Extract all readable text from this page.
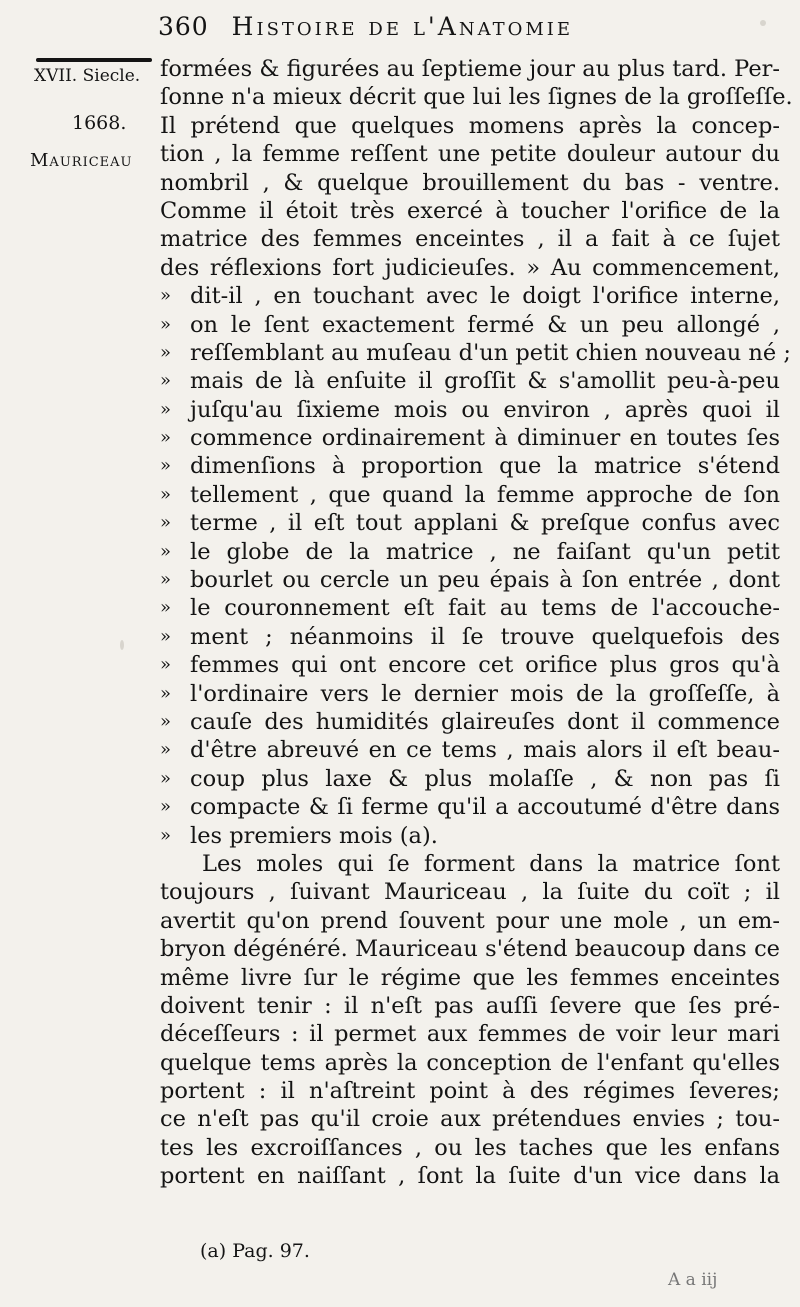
360 Histoire de l'Anatomie
XVII. Siecle.
1668.
Mauriceau
formées & figurées au ſeptieme jour au plus tard. Per-
ſonne n'a mieux décrit que lui les ſignes de la groſſeſſe.
Il prétend que quelques momens après la concep-
tion , la femme reſſent une petite douleur autour du
nombril , & quelque brouillement du bas - ventre.
Comme il étoit très exercé à toucher l'orifice de la
matrice des femmes enceintes , il a fait à ce ſujet
des réflexions fort judicieuſes. » Au commencement,
» dit-il , en touchant avec le doigt l'orifice interne,
» on le ſent exactement fermé & un peu allongé ,
» reſſemblant au muſeau d'un petit chien nouveau né ;
» mais de là enſuite il groſſit & s'amollit peu-à-peu
» juſqu'au ſixieme mois ou environ , après quoi il
» commence ordinairement à diminuer en toutes ſes
» dimenſions à proportion que la matrice s'étend
» tellement , que quand la femme approche de ſon
» terme , il eſt tout applani & preſque confus avec
» le globe de la matrice , ne faiſant qu'un petit
» bourlet ou cercle un peu épais à ſon entrée , dont
» le couronnement eſt fait au tems de l'accouche-
» ment ; néanmoins il ſe trouve quelquefois des
» femmes qui ont encore cet orifice plus gros qu'à
» l'ordinaire vers le dernier mois de la groſſeſſe, à
» cauſe des humidités glaireuſes dont il commence
» d'être abreuvé en ce tems , mais alors il eſt beau-
» coup plus laxe & plus molaſſe , & non pas ſi
» compacte & ſi ferme qu'il a accoutumé d'être dans
» les premiers mois (a).
Les moles qui ſe forment dans la matrice ſont
toujours , ſuivant Mauriceau , la ſuite du coït ; il
avertit qu'on prend ſouvent pour une mole , un em-
bryon dégénéré. Mauriceau s'étend beaucoup dans ce
même livre ſur le régime que les femmes enceintes
doivent tenir : il n'eſt pas auſſi ſevere que ſes pré-
déceſſeurs : il permet aux femmes de voir leur mari
quelque tems après la conception de l'enfant qu'elles
portent : il n'aſtreint point à des régimes ſeveres;
ce n'eſt pas qu'il croie aux prétendues envies ; tou-
tes les excroiſſances , ou les taches que les enfans
portent en naiſſant , ſont la ſuite d'un vice dans la
(a) Pag. 97.
A a iij
